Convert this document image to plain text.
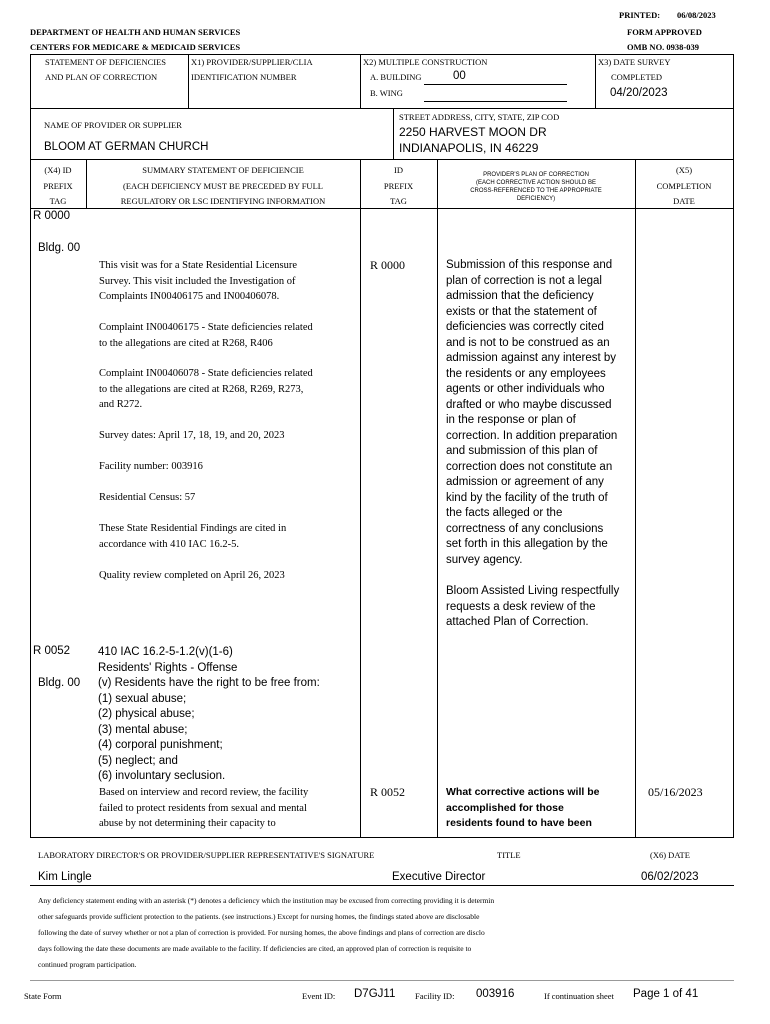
PRINTED: 06/08/2023
DEPARTMENT OF HEALTH AND HUMAN SERVICES	FORM APPROVED
CENTERS FOR MEDICARE & MEDICAID SERVICES	OMB NO. 0938-039
STATEMENT OF DEFICIENCIES
AND PLAN OF CORRECTION
X1) PROVIDER/SUPPLIER/CLIA
IDENTIFICATION NUMBER
X2) MULTIPLE CONSTRUCTION
A. BUILDING	00
B. WING
X3) DATE SURVEY
COMPLETED
04/20/2023
NAME OF PROVIDER OR SUPPLIER
BLOOM AT GERMAN CHURCH
STREET ADDRESS, CITY, STATE, ZIP COD
2250 HARVEST MOON DR
INDIANAPOLIS, IN 46229
(X4) ID
PREFIX
TAG
SUMMARY STATEMENT OF DEFICIENCIE
(EACH DEFICIENCY MUST BE PRECEDED BY FULL
REGULATORY OR LSC IDENTIFYING INFORMATION
ID
PREFIX
TAG
PROVIDER'S PLAN OF CORRECTION
(EACH CORRECTIVE ACTION SHOULD BE
CROSS-REFERENCED TO THE APPROPRIATE
DEFICIENCY)
(X5)
COMPLETION
DATE
R 0000
Bldg. 00
This visit was for a State Residential Licensure
Survey. This visit included the Investigation of
Complaints IN00406175 and IN00406078.
Complaint IN00406175 - State deficiencies related
to the allegations are cited at R268, R406
Complaint IN00406078 - State deficiencies related
to the allegations are cited at R268, R269, R273,
and R272.
Survey dates: April 17, 18, 19, and 20, 2023
Facility number: 003916
Residential Census: 57
These State Residential Findings are cited in
accordance with 410 IAC 16.2-5.
Quality review completed on April 26, 2023
R 0000	Submission of this response and
plan of correction is not a legal
admission that the deficiency
exists or that the statement of
deficiencies was correctly cited
and is not to be construed as an
admission against any interest by
the residents or any employees
agents or other individuals who
drafted or who maybe discussed
in the response or plan of
correction. In addition preparation
and submission of this plan of
correction does not constitute an
admission or agreement of any
kind by the facility of the truth of
the facts alleged or the
correctness of any conclusions
set forth in this allegation by the
survey agency.
Bloom Assisted Living respectfully
requests a desk review of the
attached Plan of Correction.
R 0052
Bldg. 00
410 IAC 16.2-5-1.2(v)(1-6)
Residents' Rights - Offense
(v) Residents have the right to be free from:
(1) sexual abuse;
(2) physical abuse;
(3) mental abuse;
(4) corporal punishment;
(5) neglect; and
(6) involuntary seclusion.
Based on interview and record review, the facility
failed to protect residents from sexual and mental
abuse by not determining their capacity to
R 0052	What corrective actions will be
accomplished for those
residents found to have been
05/16/2023
LABORATORY DIRECTOR'S OR PROVIDER/SUPPLIER REPRESENTATIVE'S SIGNATURE	TITLE	(X6) DATE
Kim Lingle	Executive Director	06/02/2023
Any deficiency statement ending with an asterisk (*) denotes a deficiency which the institution may be excused from correcting providing it is determin
other safeguards provide sufficient protection to the patients. (see instructions.) Except for nursing homes, the findings stated above are disclosable
following the date of survey whether or not a plan of correction is provided. For nursing homes, the above findings and plans of correction are disclo
days following the date these documents are made available to the facility. If deficiencies are cited, an approved plan of correction is requisite to
continued program participation.
State Form	Event ID: D7GJ11 Facility ID: 003916	If continuation sheet Page 1 of 41
